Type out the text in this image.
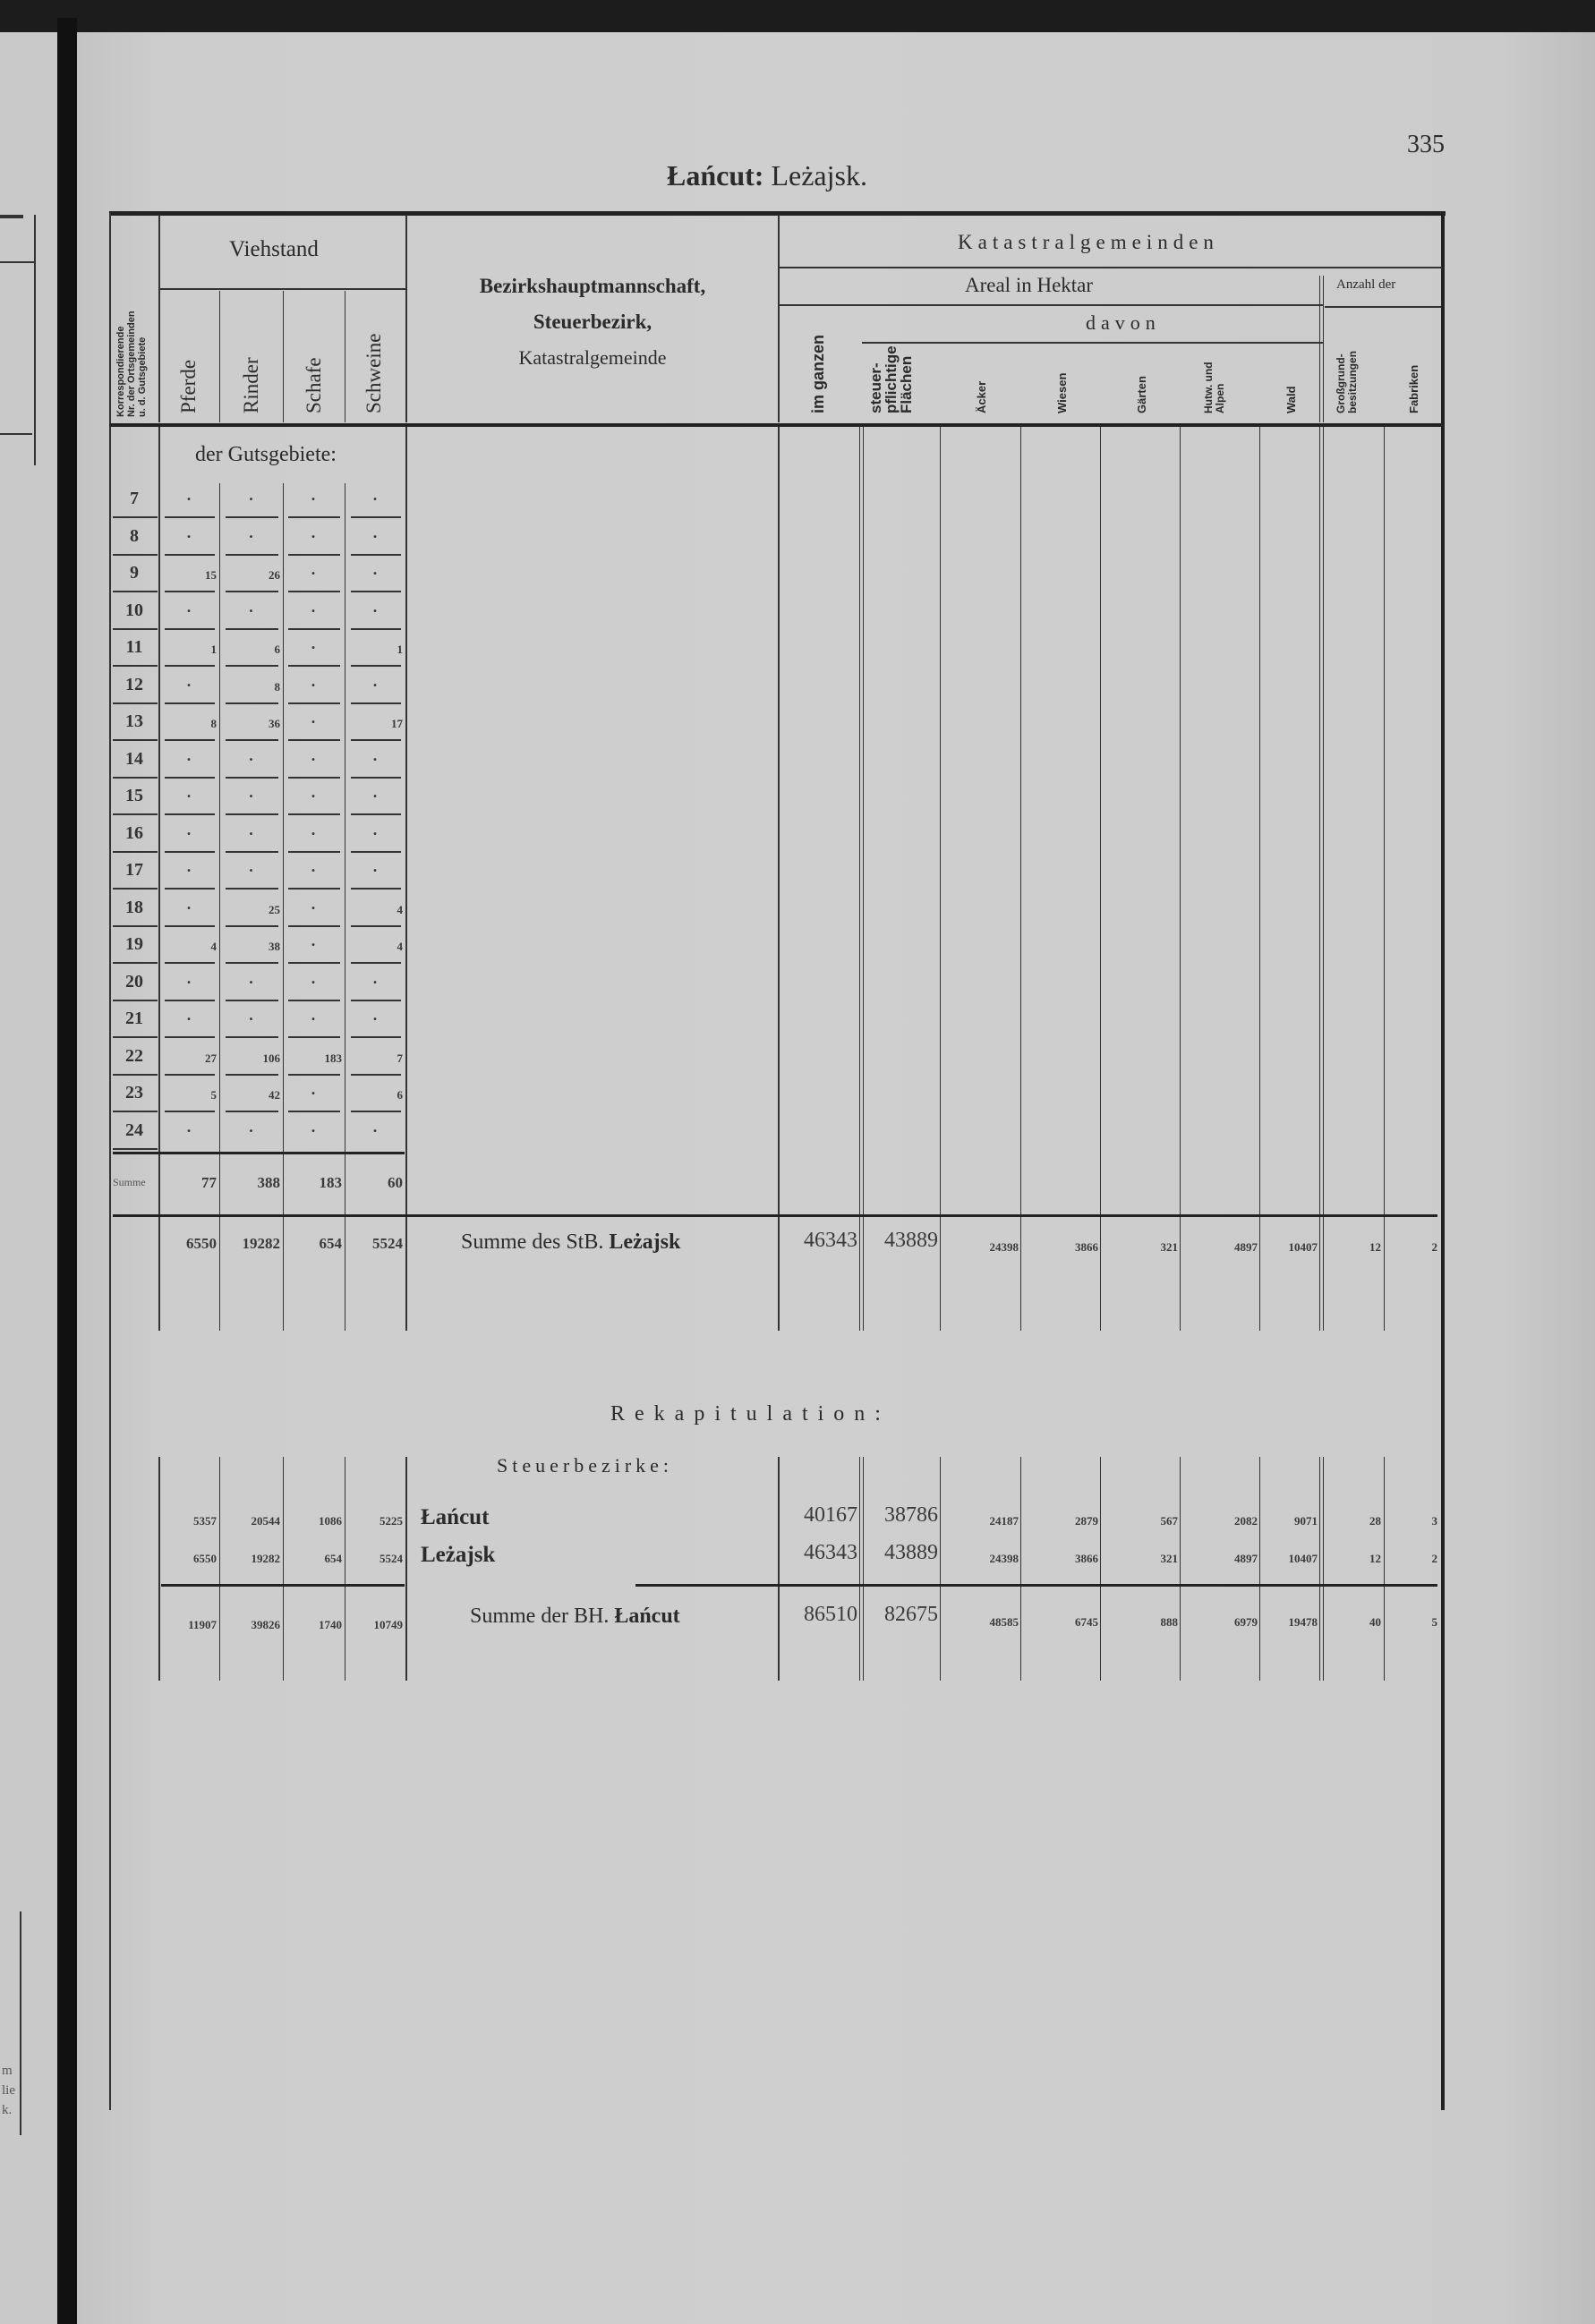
m
lie
k.
Łańcut: Leżajsk.
335
Korrespondierende Nr. der Ortsgemeinden u. d. Gutsgebiete
Viehstand
Pferde Rinder Schafe Schweine
Bezirkshauptmannschaft,
Steuerbezirk,
Katastralgemeinde
Katastralgemeinden
Areal in Hektar	Anzahl der
davon
im ganzen	steuer-
pflichtige
Flächen	Äcker	Wiesen	Gärten	Hutw. und Alpen	Wald	Großgrund-besitzungen	Fabriken
der Gutsgebiete:
7	.	.	.	.
8	.	.	.	.
9	15	26	.	.
10	.	.	.	.
11	1	6	.	1
12	.	8	.	.
13	8	36	.	17
14	.	.	.	.
15	.	.	.	.
16	.	.	.	.
17	.	.	.	.
18	.	25	.	4
19	4	38	.	4
20	.	.	.	.
21	.	.	.	.
22	27	106	183	7
23	5	42	.	6
24	.	.	.	.
Summe	77	388	183	60
6550	19282	654	5524	Summe des StB. Leżajsk	46343	43889	24398	3866	321	4897	10407	12	2
Rekapitulation:
Steuerbezirke:
5357	20544	1086	5225 Łańcut	40167	38786	24187	2879	567	2082	9071	28	3
6550	19282	654	5524 Leżajsk	46343	43889	24398	3866	321	4897	10407	12	2
11907	39826	1740	10749	Summe der BH. Łańcut	86510	82675	48585	6745	888	6979	19478	40	5
